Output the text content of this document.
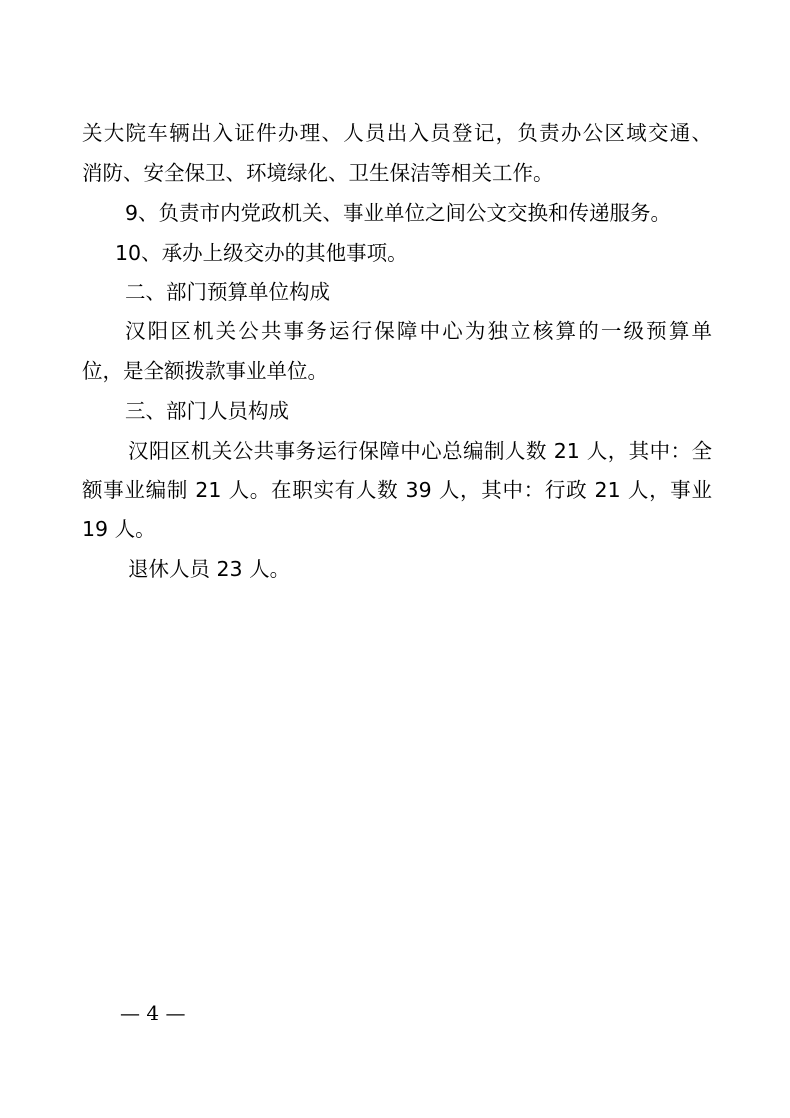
关大院车辆出入证件办理、人员出入员登记，负责办公区域交通、
消防、安全保卫、环境绿化、卫生保洁等相关工作。
9、负责市内党政机关、事业单位之间公文交换和传递服务。
10、承办上级交办的其他事项。
二、部门预算单位构成
汉阳区机关公共事务运行保障中心为独立核算的一级预算单
位，是全额拨款事业单位。
三、部门人员构成
汉阳区机关公共事务运行保障中心总编制人数 21 人，其中：全
额事业编制 21 人。在职实有人数 39 人，其中：行政 21 人，事业
19 人。
退休人员 23 人。
— 4 —
